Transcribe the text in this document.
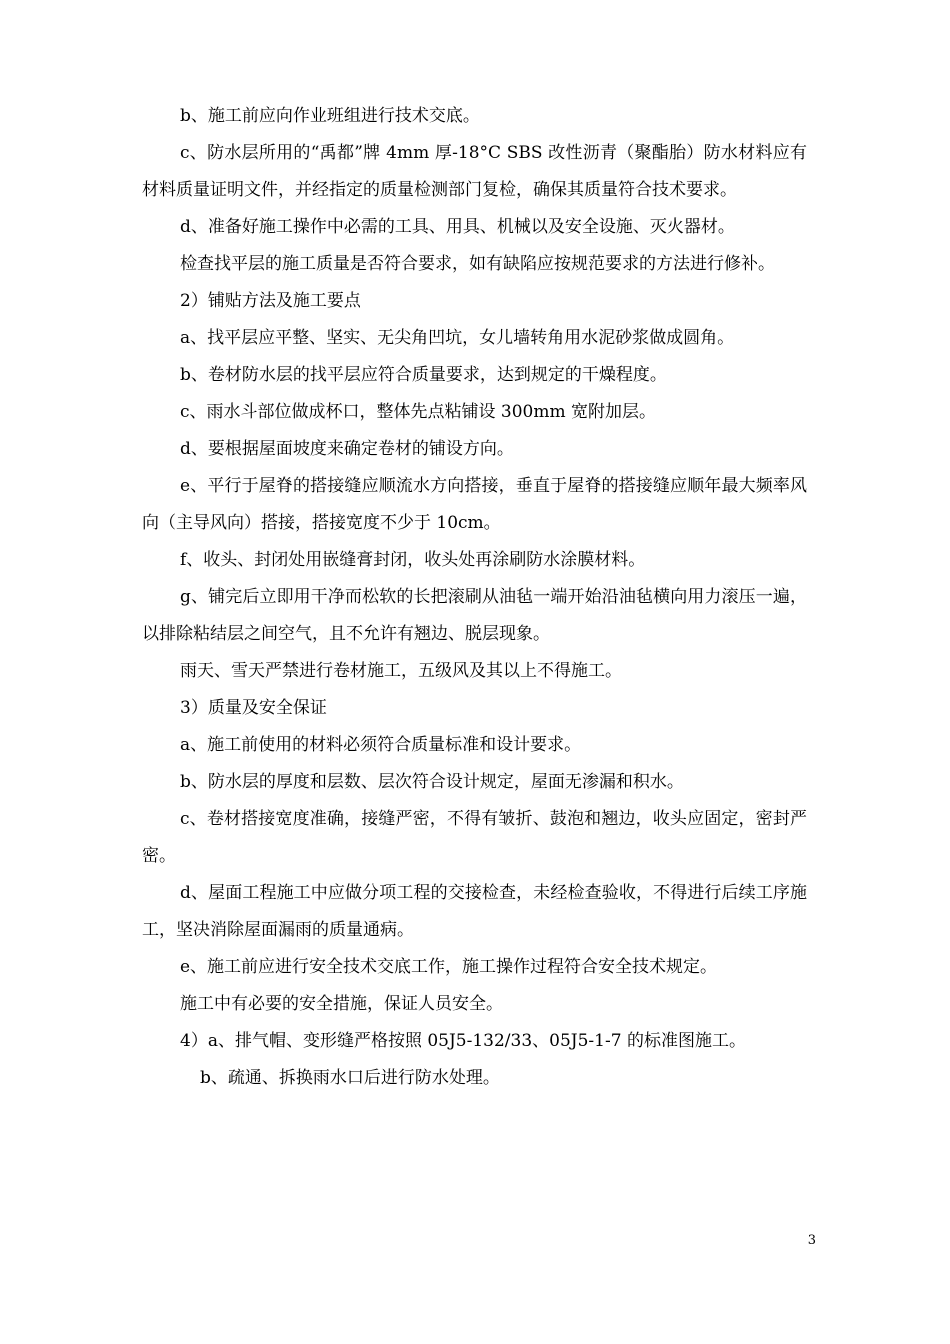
b、施工前应向作业班组进行技术交底。

c、防水层所用的“禹都”牌 4mm 厚-18°C SBS 改性沥青（聚酯胎）防水材料应有材料质量证明文件，并经指定的质量检测部门复检，确保其质量符合技术要求。

d、准备好施工操作中必需的工具、用具、机械以及安全设施、灭火器材。

检查找平层的施工质量是否符合要求，如有缺陷应按规范要求的方法进行修补。

2）铺贴方法及施工要点

a、找平层应平整、坚实、无尖角凹坑，女儿墙转角用水泥砂浆做成圆角。

b、卷材防水层的找平层应符合质量要求，达到规定的干燥程度。

c、雨水斗部位做成杯口，整体先点粘铺设 300mm 宽附加层。

d、要根据屋面坡度来确定卷材的铺设方向。

e、平行于屋脊的搭接缝应顺流水方向搭接，垂直于屋脊的搭接缝应顺年最大频率风向（主导风向）搭接，搭接宽度不少于 10cm。

f、收头、封闭处用嵌缝膏封闭，收头处再涂刷防水涂膜材料。

g、铺完后立即用干净而松软的长把滚刷从油毡一端开始沿油毡横向用力滚压一遍，以排除粘结层之间空气，且不允许有翘边、脱层现象。

雨天、雪天严禁进行卷材施工，五级风及其以上不得施工。

3）质量及安全保证

a、施工前使用的材料必须符合质量标准和设计要求。

b、防水层的厚度和层数、层次符合设计规定，屋面无渗漏和积水。

c、卷材搭接宽度准确，接缝严密，不得有皱折、鼓泡和翘边，收头应固定，密封严密。

d、屋面工程施工中应做分项工程的交接检查，未经检查验收，不得进行后续工序施工，坚决消除屋面漏雨的质量通病。

e、施工前应进行安全技术交底工作，施工操作过程符合安全技术规定。

施工中有必要的安全措施，保证人员安全。

4）a、排气帽、变形缝严格按照 05J5-132/33、05J5-1-7 的标准图施工。

b、疏通、拆换雨水口后进行防水处理。

3
